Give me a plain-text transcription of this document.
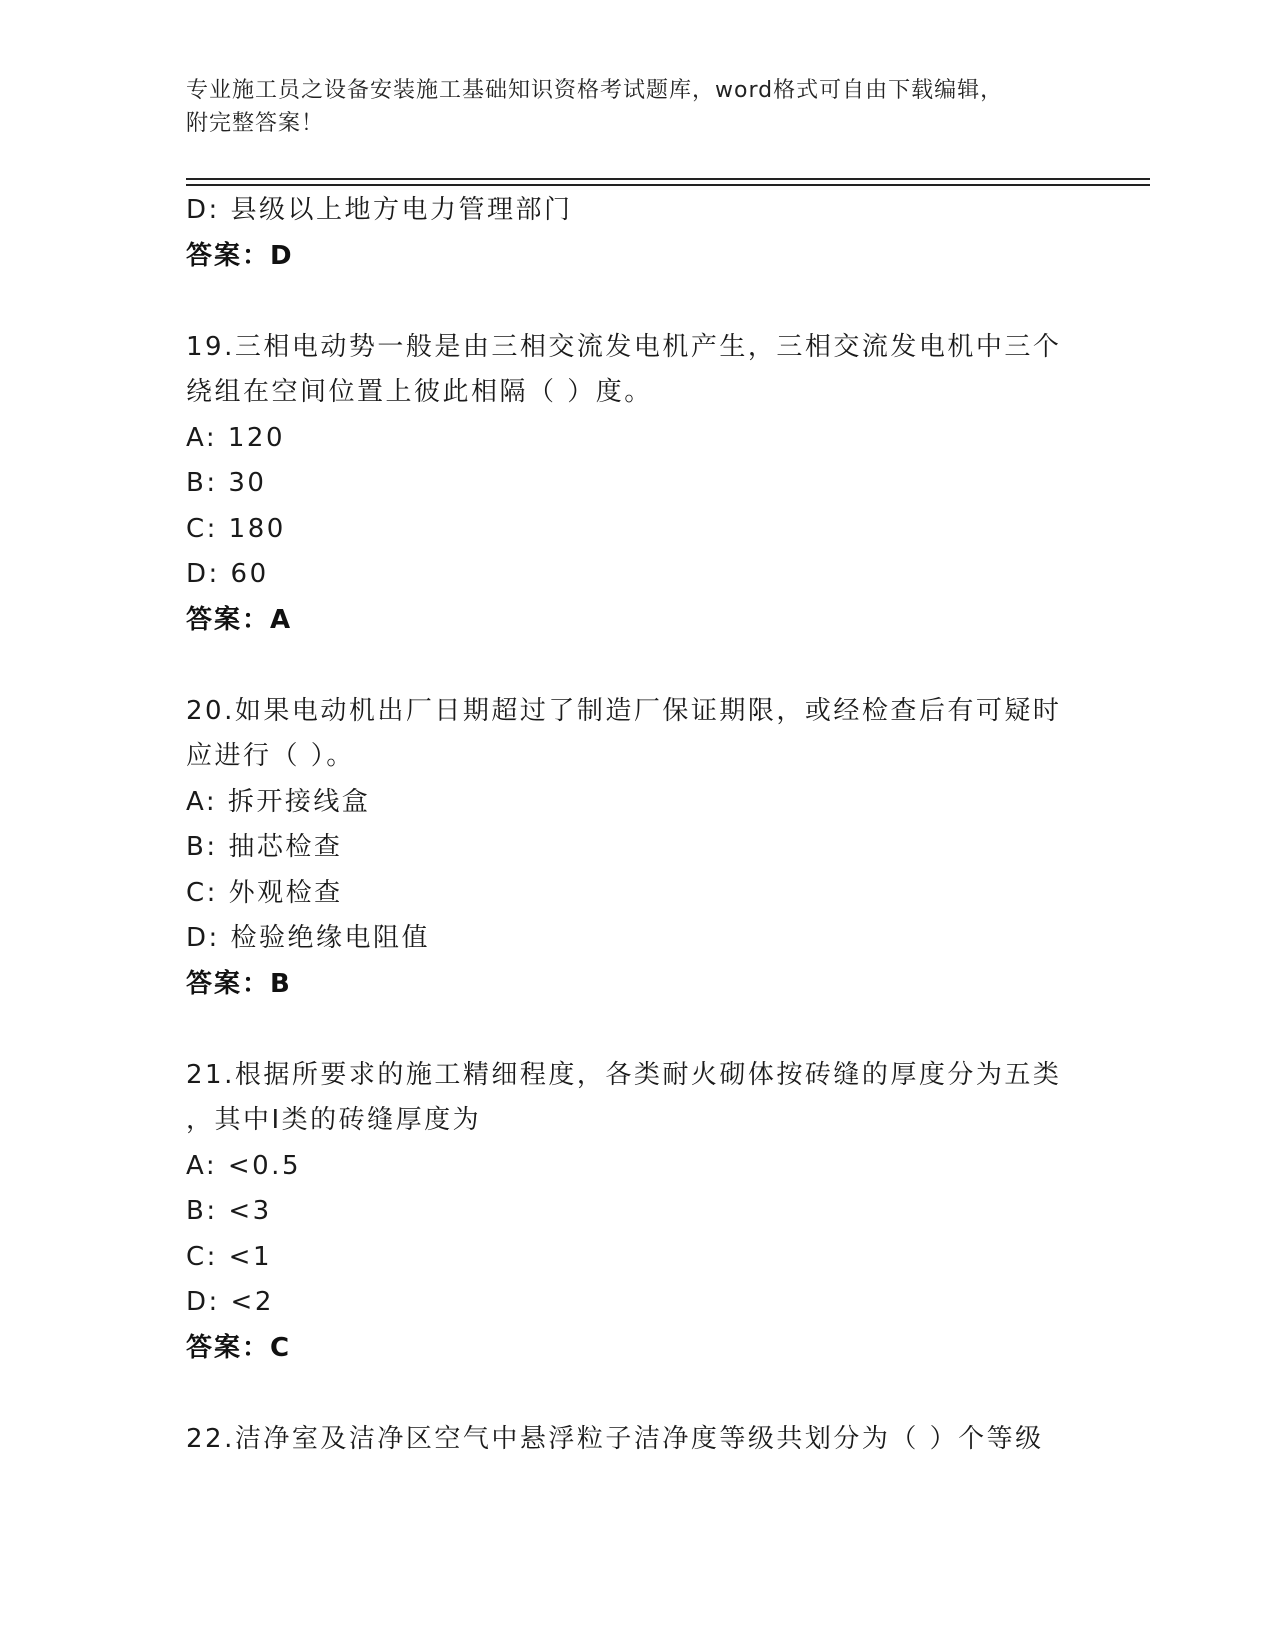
专业施工员之设备安装施工基础知识资格考试题库，word格式可自由下载编辑，
附完整答案！
D: 县级以上地方电力管理部门
答案：D
19.三相电动势一般是由三相交流发电机产生，三相交流发电机中三个
绕组在空间位置上彼此相隔（ ）度。
A: 120
B: 30
C: 180
D: 60
答案：A
20.如果电动机出厂日期超过了制造厂保证期限，或经检查后有可疑时
应进行（ ）。
A: 拆开接线盒
B: 抽芯检查
C: 外观检查
D: 检验绝缘电阻值
答案：B
21.根据所要求的施工精细程度，各类耐火砌体按砖缝的厚度分为五类
，其中Ⅰ类的砖缝厚度为
A: <0.5
B: <3
C: <1
D: <2
答案：C
22.洁净室及洁净区空气中悬浮粒子洁净度等级共划分为（ ）个等级
